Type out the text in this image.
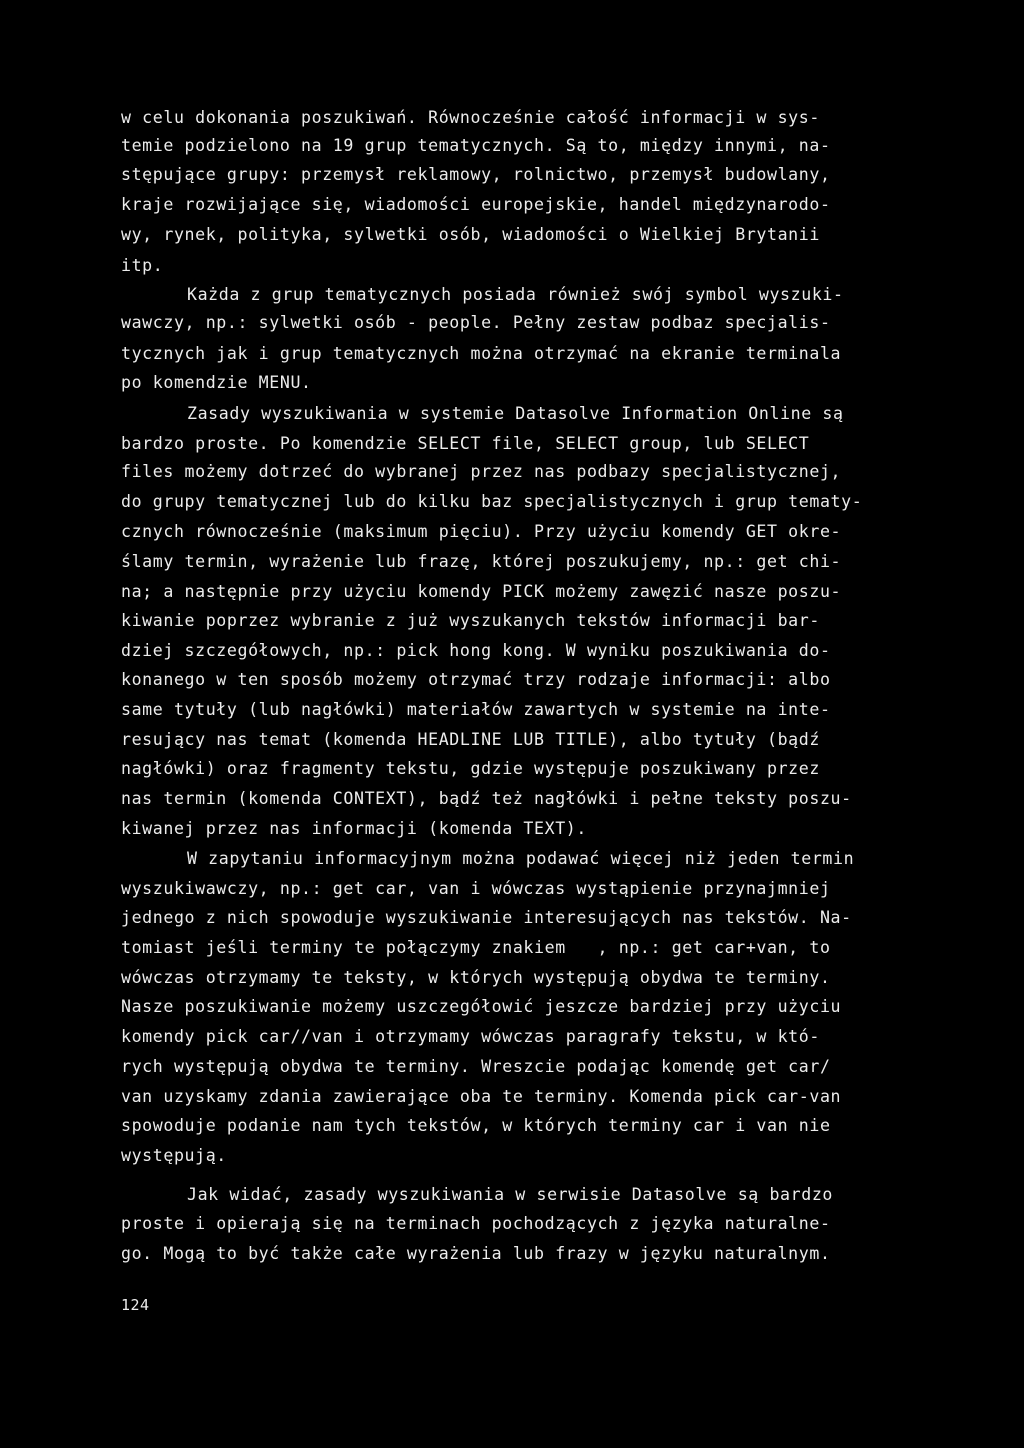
w celu dokonania poszukiwań. Równocześnie całość informacji w sys-
temie podzielono na 19 grup tematycznych. Są to, między innymi, na-
stępujące grupy: przemysł reklamowy, rolnictwo, przemysł budowlany,
kraje rozwijające się, wiadomości europejskie, handel międzynarodo-
wy, rynek, polityka, sylwetki osób, wiadomości o Wielkiej Brytanii
itp.
Każda z grup tematycznych posiada również swój symbol wyszuki-
wawczy, np.: sylwetki osób - people. Pełny zestaw podbaz specjalis-
tycznych jak i grup tematycznych można otrzymać na ekranie terminala
po komendzie MENU.
Zasady wyszukiwania w systemie Datasolve Information Online są
bardzo proste. Po komendzie SELECT file, SELECT group, lub SELECT
files możemy dotrzeć do wybranej przez nas podbazy specjalistycznej,
do grupy tematycznej lub do kilku baz specjalistycznych i grup tematy-
cznych równocześnie (maksimum pięciu). Przy użyciu komendy GET okre-
ślamy termin, wyrażenie lub frazę, której poszukujemy, np.: get chi-
na; a następnie przy użyciu komendy PICK możemy zawęzić nasze poszu-
kiwanie poprzez wybranie z już wyszukanych tekstów informacji bar-
dziej szczegółowych, np.: pick hong kong. W wyniku poszukiwania do-
konanego w ten sposób możemy otrzymać trzy rodzaje informacji: albo
same tytuły (lub nagłówki) materiałów zawartych w systemie na inte-
resujący nas temat (komenda HEADLINE LUB TITLE), albo tytuły (bądź
nagłówki) oraz fragmenty tekstu, gdzie występuje poszukiwany przez
nas termin (komenda CONTEXT), bądź też nagłówki i pełne teksty poszu-
kiwanej przez nas informacji (komenda TEXT).
W zapytaniu informacyjnym można podawać więcej niż jeden termin
wyszukiwawczy, np.: get car, van i wówczas wystąpienie przynajmniej
jednego z nich spowoduje wyszukiwanie interesujących nas tekstów. Na-
tomiast jeśli terminy te połączymy znakiem   , np.: get car+van, to
wówczas otrzymamy te teksty, w których występują obydwa te terminy.
Nasze poszukiwanie możemy uszczegółowić jeszcze bardziej przy użyciu
komendy pick car//van i otrzymamy wówczas paragrafy tekstu, w któ-
rych występują obydwa te terminy. Wreszcie podając komendę get car/
van uzyskamy zdania zawierające oba te terminy. Komenda pick car-van
spowoduje podanie nam tych tekstów, w których terminy car i van nie
występują.
Jak widać, zasady wyszukiwania w serwisie Datasolve są bardzo
proste i opierają się na terminach pochodzących z języka naturalne-
go. Mogą to być także całe wyrażenia lub frazy w języku naturalnym.
124
